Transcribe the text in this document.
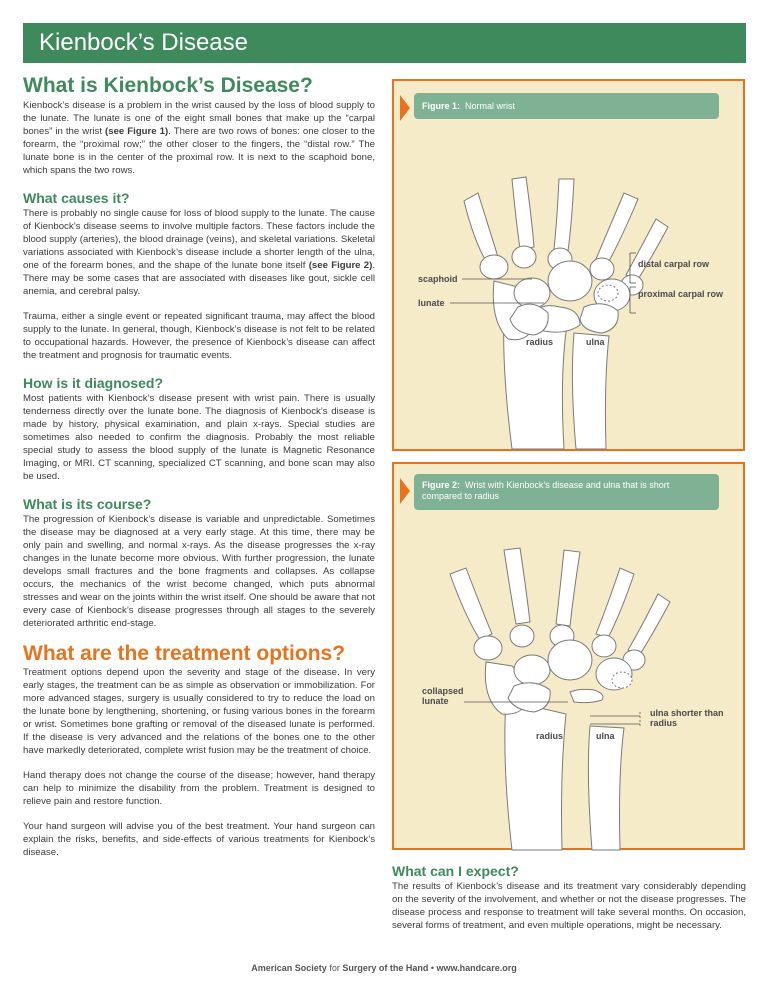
Kienbock’s Disease
What is Kienbock’s Disease?

Kienbock’s disease is a problem in the wrist caused by the loss of blood supply to the lunate. The lunate is one of the eight small bones that make up the “carpal bones” in the wrist (see Figure 1). There are two rows of bones: one closer to the forearm, the “proximal row;” the other closer to the fingers, the “distal row.” The lunate bone is in the center of the proximal row. It is next to the scaphoid bone, which spans the two rows.

What causes it?

There is probably no single cause for loss of blood supply to the lunate. The cause of Kienbock’s disease seems to involve multiple factors. These factors include the blood supply (arteries), the blood drainage (veins), and skeletal variations. Skeletal variations associated with Kienbock’s disease include a shorter length of the ulna, one of the forearm bones, and the shape of the lunate bone itself (see Figure 2). There may be some cases that are associated with diseases like gout, sickle cell anemia, and cerebral palsy.

Trauma, either a single event or repeated significant trauma, may affect the blood supply to the lunate. In general, though, Kienbock’s disease is not felt to be related to occupational hazards. However, the presence of Kienbock’s disease can affect the treatment and prognosis for traumatic events.

How is it diagnosed?

Most patients with Kienbock’s disease present with wrist pain. There is usually tenderness directly over the lunate bone. The diagnosis of Kienbock’s disease is made by history, physical examination, and plain x-rays. Special studies are sometimes also needed to confirm the diagnosis. Probably the most reliable special study to assess the blood supply of the lunate is Magnetic Resonance Imaging, or MRI. CT scanning, specialized CT scanning, and bone scan may also be used.

What is its course?

The progression of Kienbock’s disease is variable and unpredictable. Sometimes the disease may be diagnosed at a very early stage. At this time, there may be only pain and swelling, and normal x-rays. As the disease progresses the x-ray changes in the lunate become more obvious. With further progression, the lunate develops small fractures and the bone fragments and collapses. As collapse occurs, the mechanics of the wrist become changed, which puts abnormal stresses and wear on the joints within the wrist itself. One should be aware that not every case of Kienbock’s disease progresses through all stages to the severely deteriorated arthritic end-stage.

What are the treatment options?

Treatment options depend upon the severity and stage of the disease. In very early stages, the treatment can be as simple as observation or immobilization. For more advanced stages, surgery is usually considered to try to reduce the load on the lunate bone by lengthening, shortening, or fusing various bones in the forearm or wrist. Sometimes bone grafting or removal of the diseased lunate is performed. If the disease is very advanced and the relations of the bones one to the other have markedly deteriorated, complete wrist fusion may be the treatment of choice.

Hand therapy does not change the course of the disease; however, hand therapy can help to minimize the disability from the problem. Treatment is designed to relieve pain and restore function.

Your hand surgeon will advise you of the best treatment. Your hand surgeon can explain the risks, benefits, and side-effects of various treatments for Kienbock’s disease.

Figure 1: Normal wrist
distal carpal row
scaphoid
proximal carpal row
lunate
radius	ulna
Figure 2: Wrist with Kienbock’s disease and ulna that is short compared to radius
collapsed lunate
ulna shorter than radius
radius	ulna
What can I expect?

The results of Kienbock’s disease and its treatment vary considerably depending on the severity of the involvement, and whether or not the disease progresses. The disease process and response to treatment will take several months. On occasion, several forms of treatment, and even multiple operations, might be necessary.

American Society for Surgery of the Hand • www.handcare.org
